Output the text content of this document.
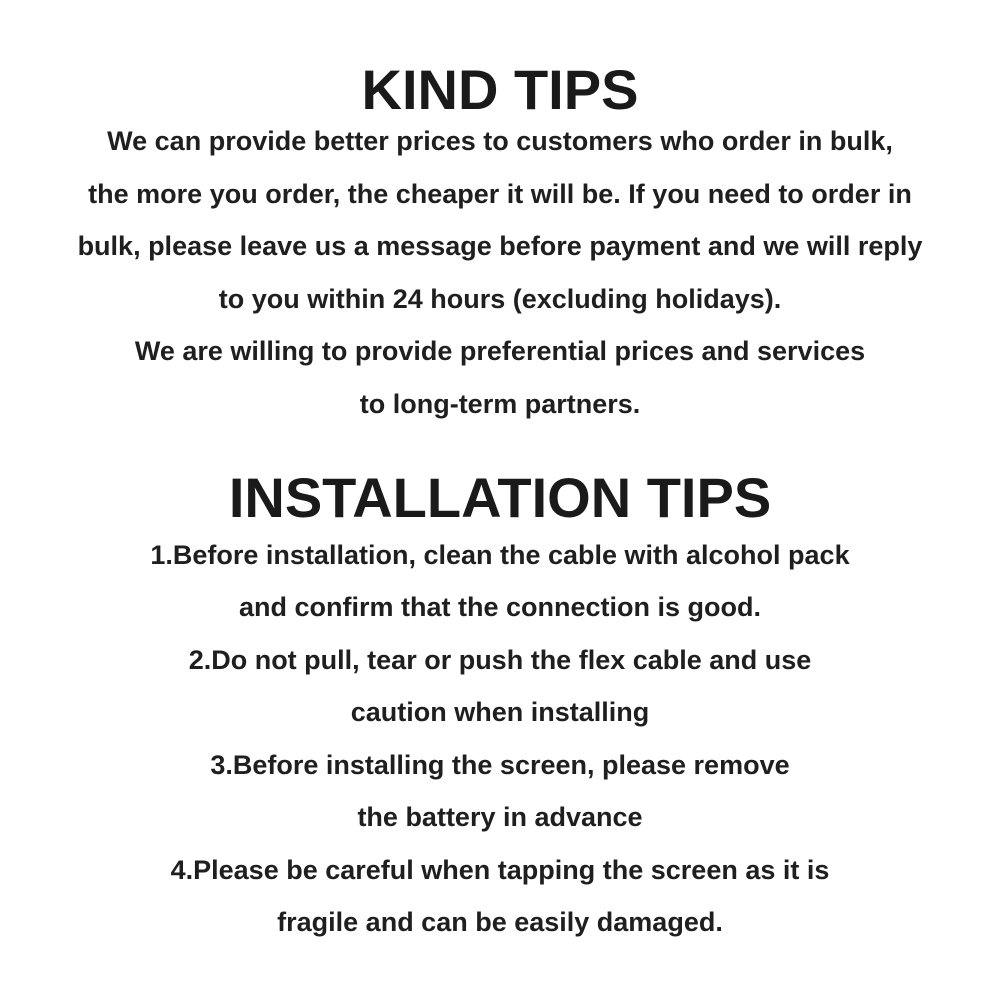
KIND TIPS

We can provide better prices to customers who order in bulk,

the more you order, the cheaper it will be. If you need to order in

bulk, please leave us a message before payment and we will reply

to you within 24 hours (excluding holidays).

We are willing to provide preferential prices and services

to long-term partners.

INSTALLATION TIPS

1.Before installation, clean the cable with alcohol pack

and confirm that the connection is good.

2.Do not pull, tear or push the flex cable and use

caution when installing

3.Before installing the screen, please remove

the battery in advance

4.Please be careful when tapping the screen as it is

fragile and can be easily damaged.
